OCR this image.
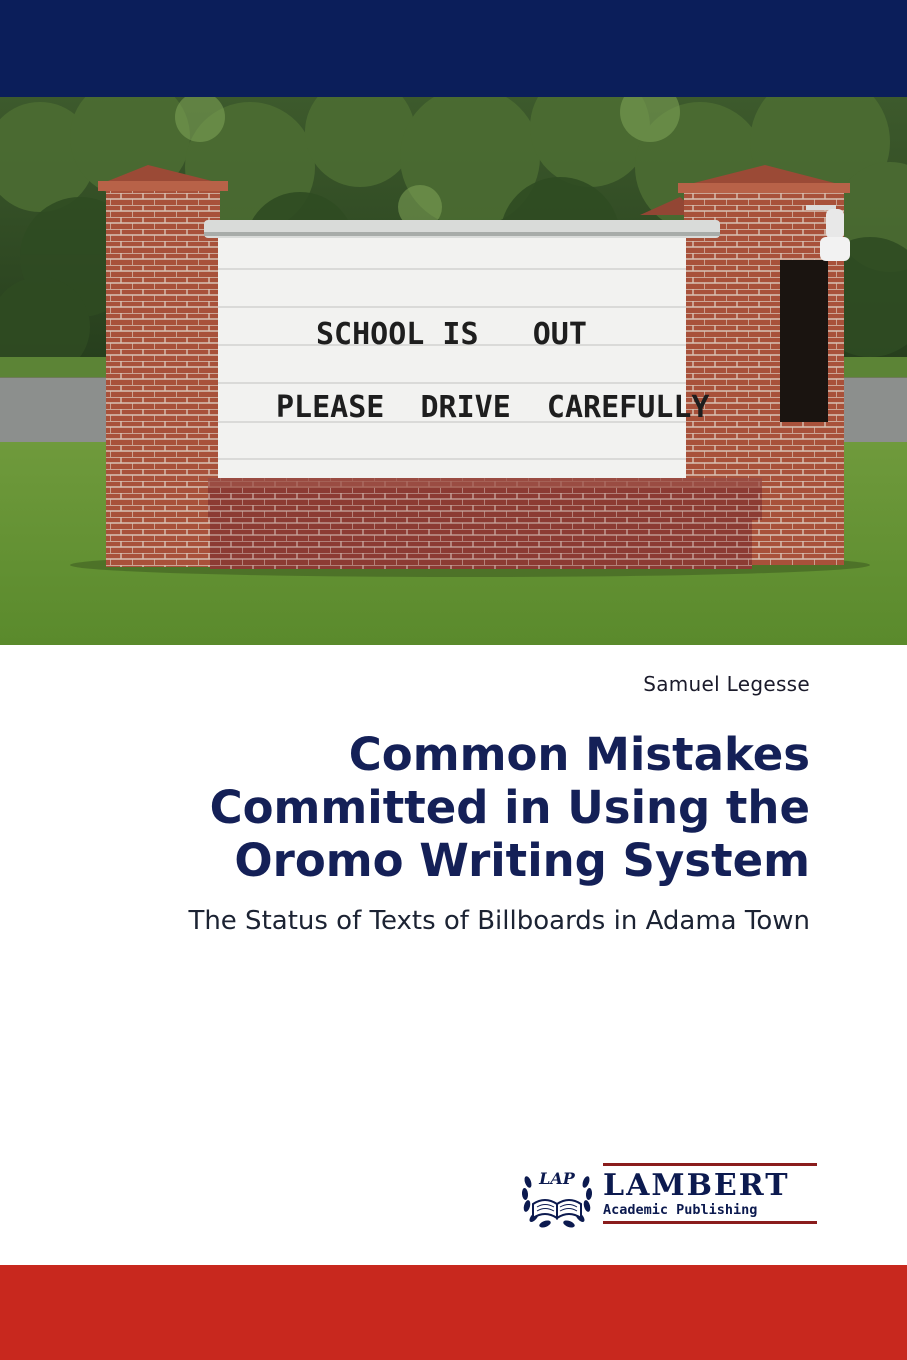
SCHOOL IS   OUT
PLEASE  DRIVE  CAREFULLY
Samuel Legesse
Common Mistakes
Committed in Using the
Oromo Writing System
The Status of Texts of Billboards in Adama Town
LAP LAMBERT
Academic Publishing
